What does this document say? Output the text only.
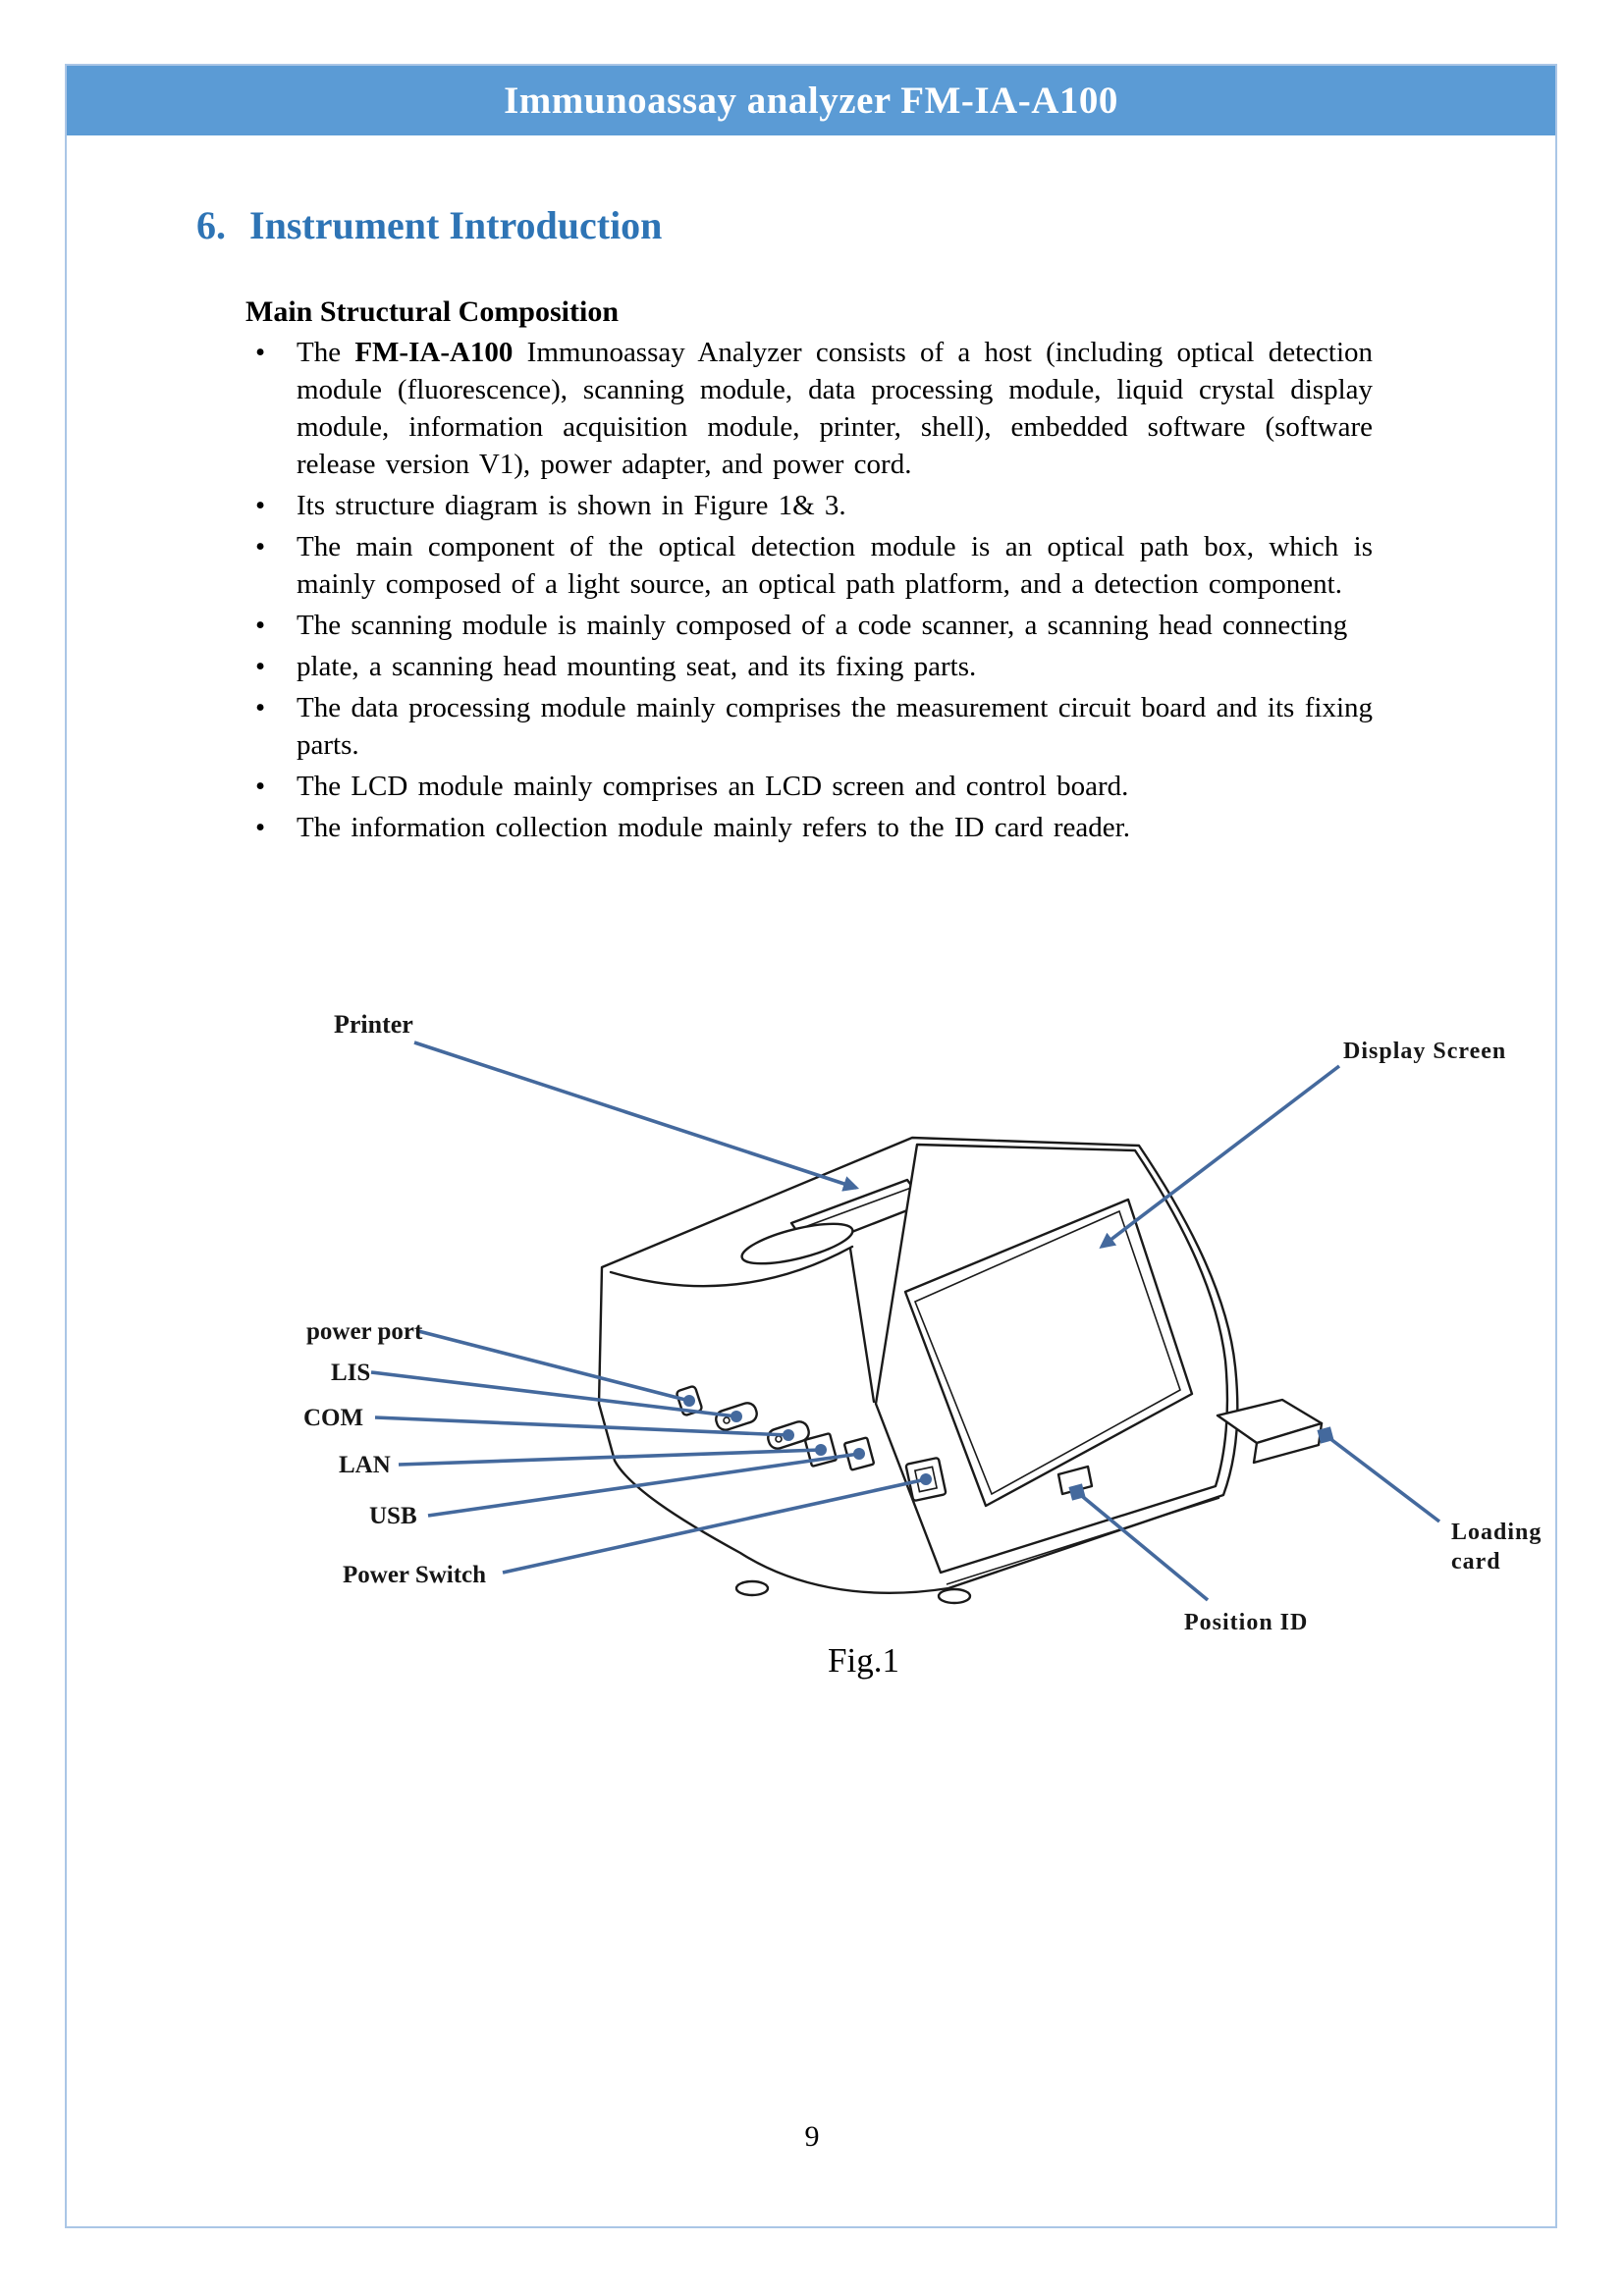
Immunoassay analyzer FM-IA-A100
6. Instrument Introduction
Main Structural Composition
• The FM-IA-A100 Immunoassay Analyzer consists of a host (including optical detection module (fluorescence), scanning module, data processing module, liquid crystal display module, information acquisition module, printer, shell), embedded software (software release version V1), power adapter, and power cord.
• Its structure diagram is shown in Figure 1& 3.
• The main component of the optical detection module is an optical path box, which is mainly composed of a light source, an optical path platform, and a detection component.
• The scanning module is mainly composed of a code scanner, a scanning head connecting
• plate, a scanning head mounting seat, and its fixing parts.
• The data processing module mainly comprises the measurement circuit board and its fixing parts.
• The LCD module mainly comprises an LCD screen and control board.
• The information collection module mainly refers to the ID card reader.
Printer
Display Screen
power port
LIS
COM
LAN
USB
Power Switch
Position ID
Loading
card
Fig.1
9
